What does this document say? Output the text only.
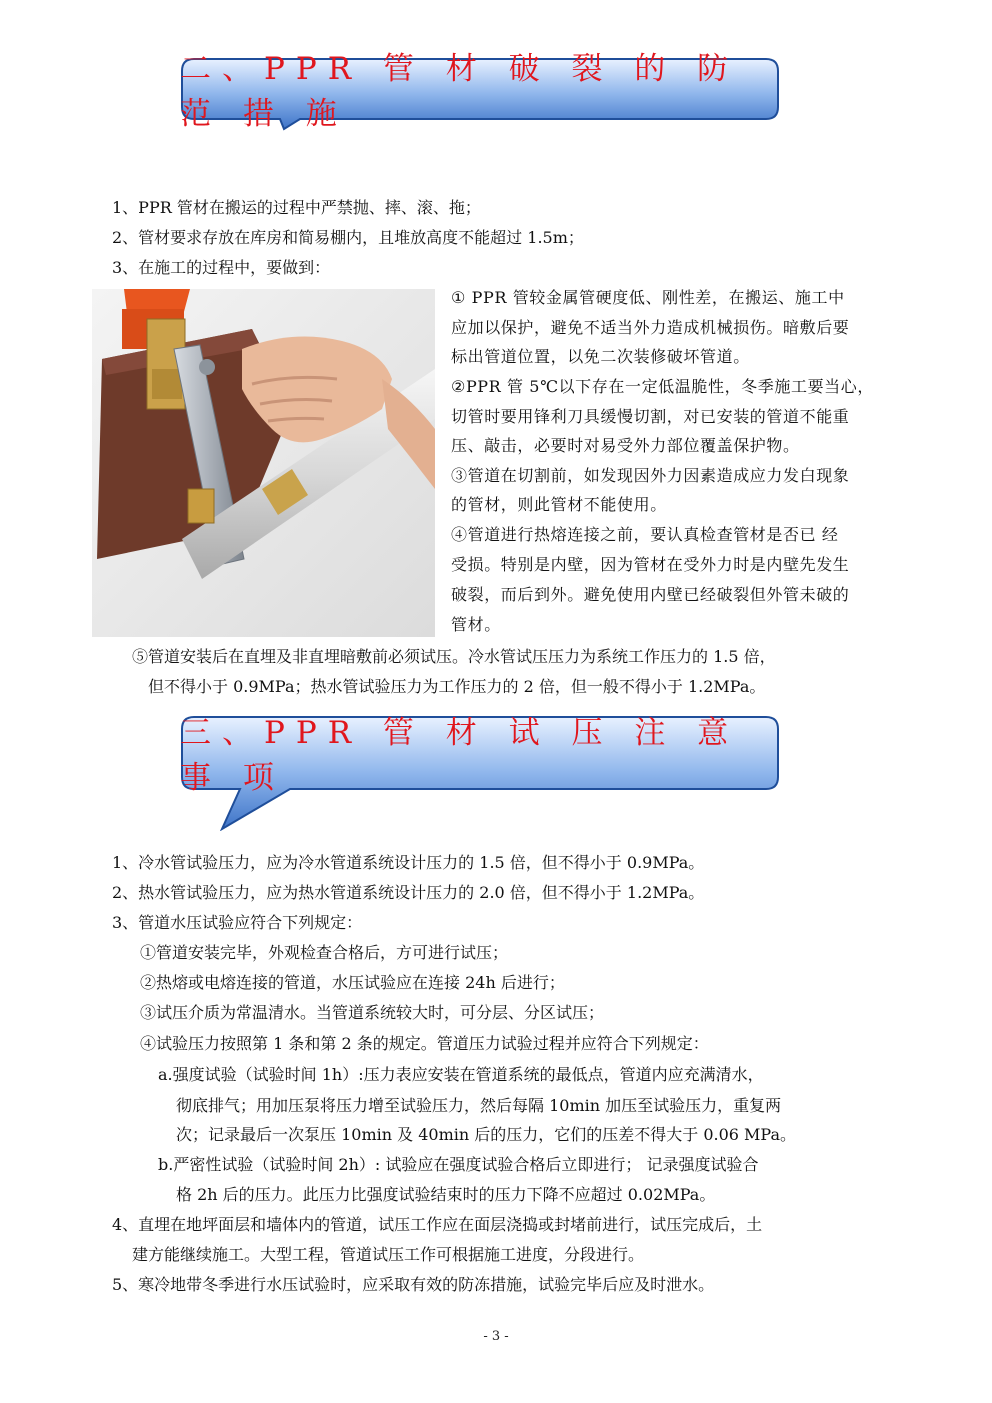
二、PPR 管 材 破 裂 的 防 范 措 施
1、PPR 管材在搬运的过程中严禁抛、摔、滚、拖；
2、管材要求存放在库房和简易棚内，且堆放高度不能超过 1.5m；
3、在施工的过程中，要做到：
① PPR 管较金属管硬度低、刚性差，在搬运、施工中
应加以保护，避免不适当外力造成机械损伤。暗敷后要
标出管道位置，以免二次装修破坏管道。
②PPR 管 5℃以下存在一定低温脆性，冬季施工要当心，
切管时要用锋利刀具缓慢切割，对已安装的管道不能重
压、敲击，必要时对易受外力部位覆盖保护物。
③管道在切割前，如发现因外力因素造成应力发白现象
的管材，则此管材不能使用。
④管道进行热熔连接之前，要认真检查管材是否已 经
受损。特别是内壁，因为管材在受外力时是内壁先发生
破裂，而后到外。避免使用内壁已经破裂但外管未破的
管材。
⑤管道安装后在直埋及非直埋暗敷前必须试压。冷水管试压压力为系统工作压力的 1.5 倍，
但不得小于 0.9MPa；热水管试验压力为工作压力的 2 倍，但一般不得小于 1.2MPa。
三、PPR 管 材 试 压 注 意 事 项
1、冷水管试验压力，应为冷水管道系统设计压力的 1.5 倍，但不得小于 0.9MPa。
2、热水管试验压力，应为热水管道系统设计压力的 2.0 倍，但不得小于 1.2MPa。
3、管道水压试验应符合下列规定：
①管道安装完毕，外观检查合格后，方可进行试压；
②热熔或电熔连接的管道，水压试验应在连接 24h 后进行；
③试压介质为常温清水。当管道系统较大时，可分层、分区试压；
④试验压力按照第 1 条和第 2 条的规定。管道压力试验过程并应符合下列规定：
a.强度试验（试验时间 1h）:压力表应安装在管道系统的最低点，管道内应充满清水，
彻底排气；用加压泵将压力增至试验压力，然后每隔 10min 加压至试验压力，重复两
次；记录最后一次泵压 10min 及 40min 后的压力，它们的压差不得大于 0.06 MPa。
b.严密性试验（试验时间 2h）: 试验应在强度试验合格后立即进行； 记录强度试验合
格 2h 后的压力。此压力比强度试验结束时的压力下降不应超过 0.02MPa。
4、直埋在地坪面层和墙体内的管道，试压工作应在面层浇捣或封堵前进行，试压完成后，土
建方能继续施工。大型工程，管道试压工作可根据施工进度，分段进行。
5、寒冷地带冬季进行水压试验时，应采取有效的防冻措施，试验完毕后应及时泄水。
- 3 -
